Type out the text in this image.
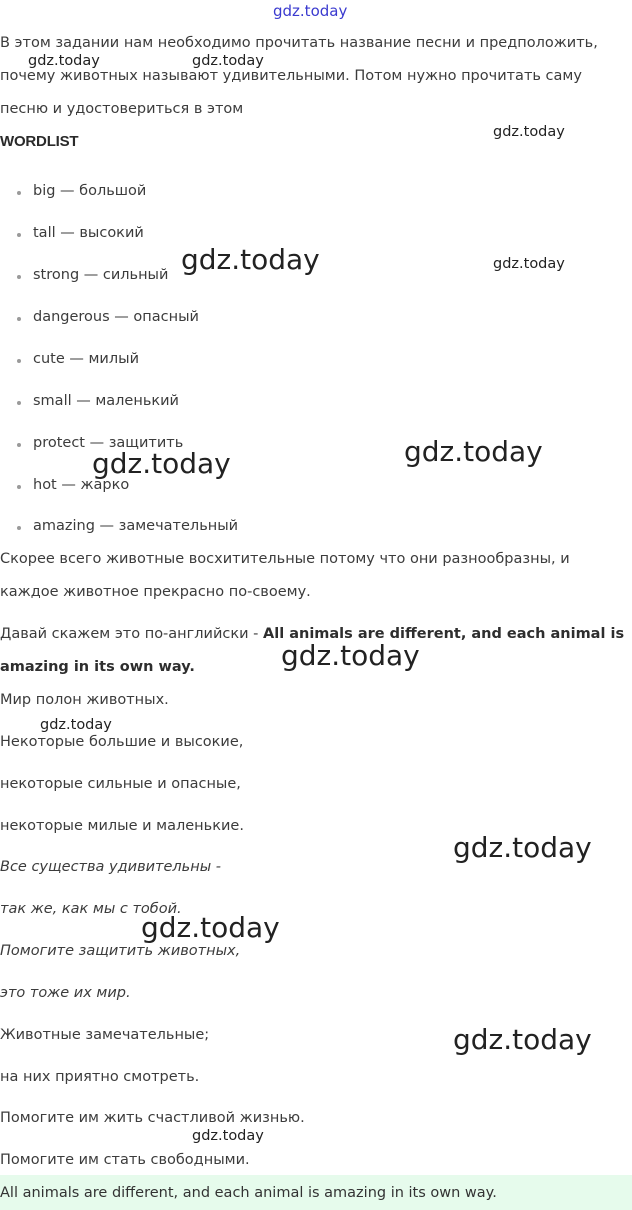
gdz.today
В этом задании нам необходимо прочитать название песни и предположить,
почему животных называют удивительными. Потом нужно прочитать саму
песню и удостовериться в этом
WORDLIST
big — большой
tall — высокий
strong — сильный
dangerous — опасный
cute — милый
small — маленький
protect — защитить
hot — жарко
amazing — замечательный
Скорее всего животные восхитительные потому что они разнообразны, и
каждое животное прекрасно по-своему.
Давай скажем это по-английски - All animals are different, and each animal is
amazing in its own way.
Мир полон животных.
Некоторые большие и высокие,
некоторые сильные и опасные,
некоторые милые и маленькие.
Все существа удивительны -
так же, как мы с тобой.
Помогите защитить животных,
это тоже их мир.
Животные замечательные;
на них приятно смотреть.
Помогите им жить счастливой жизнью.
Помогите им стать свободными.
All animals are different, and each animal is amazing in its own way.
gdz.today	gdz.today
gdz.today
gdz.today	gdz.today
gdz.today
gdz.today
gdz.today
gdz.today
gdz.today
gdz.today
gdz.today
gdz.today
